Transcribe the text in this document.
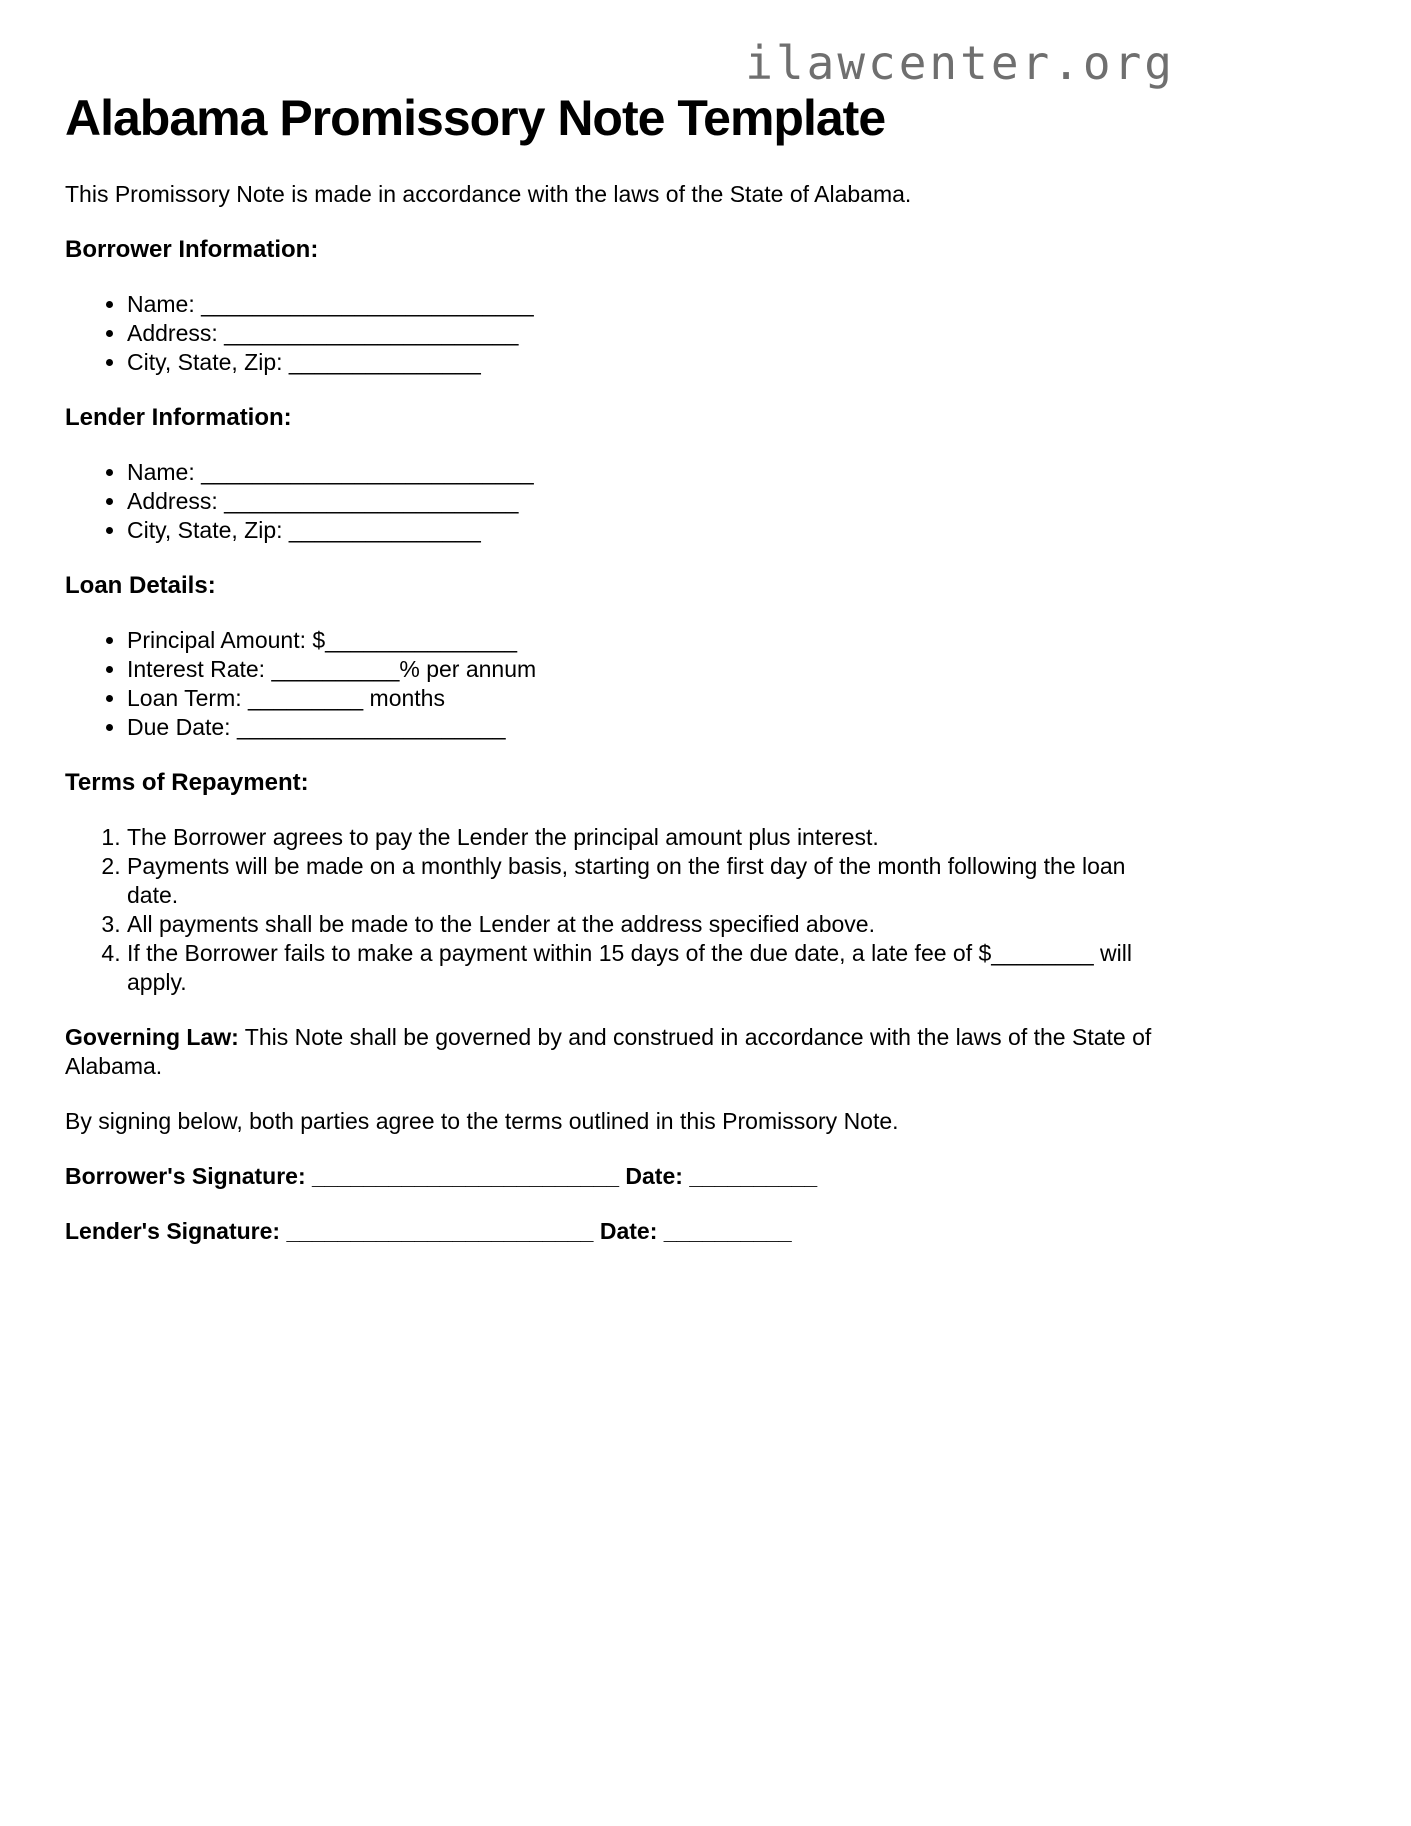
ilawcenter.org
Alabama Promissory Note Template

This Promissory Note is made in accordance with the laws of the State of Alabama.

Borrower Information:
• Name: __________________________
• Address: _______________________
• City, State, Zip: _______________
Lender Information:
• Name: __________________________
• Address: _______________________
• City, State, Zip: _______________
Loan Details:
• Principal Amount: $_______________
• Interest Rate: __________% per annum
• Loan Term: _________ months
• Due Date: _____________________
Terms of Repayment:
1. The Borrower agrees to pay the Lender the principal amount plus interest.
2. Payments will be made on a monthly basis, starting on the first day of the month following the loan date.
3. All payments shall be made to the Lender at the address specified above.
4. If the Borrower fails to make a payment within 15 days of the due date, a late fee of $________ will apply.

Governing Law: This Note shall be governed by and construed in accordance with the laws of the State of Alabama.

By signing below, both parties agree to the terms outlined in this Promissory Note.

Borrower's Signature: ________________________ Date: __________

Lender's Signature: ________________________ Date: __________
